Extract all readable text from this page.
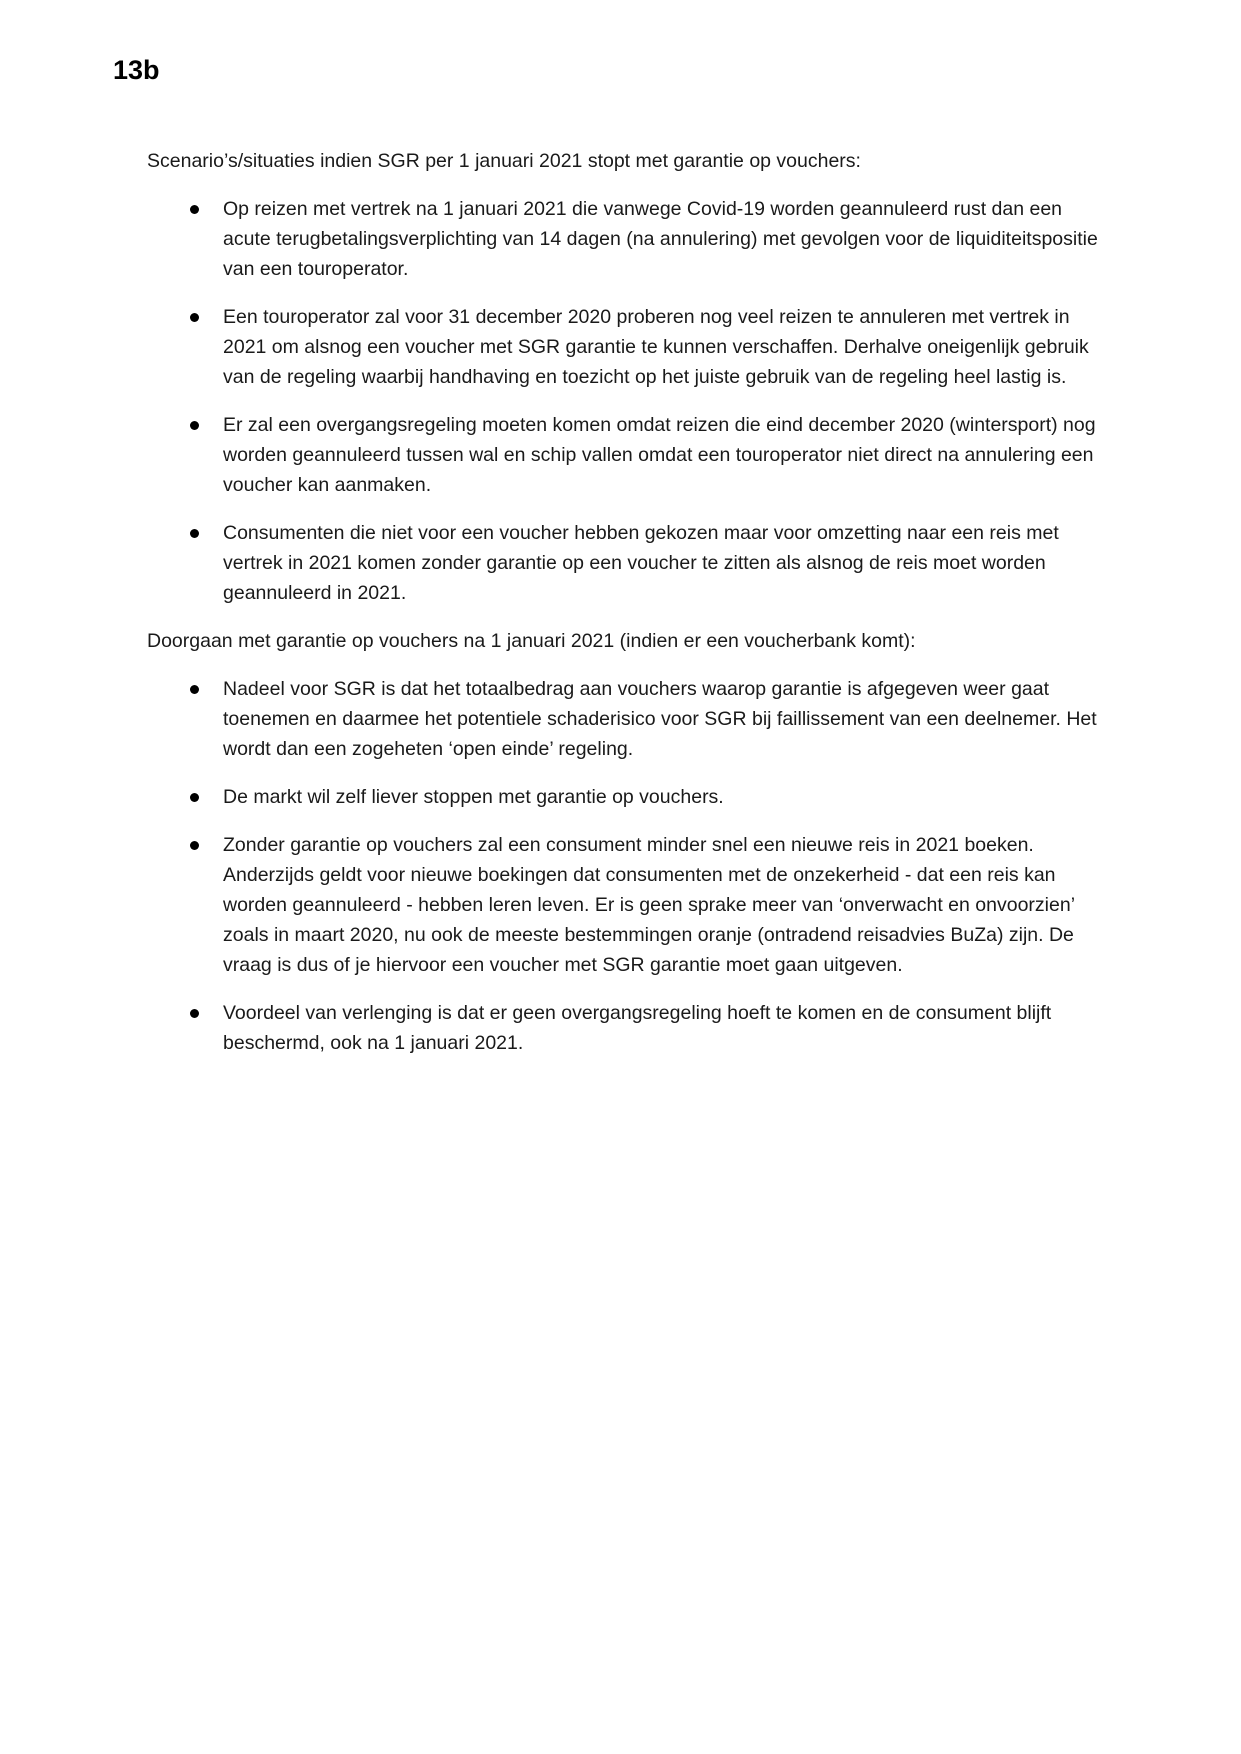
13b

Scenario’s/situaties indien SGR per 1 januari 2021 stopt met garantie op vouchers:

Op reizen met vertrek na 1 januari 2021 die vanwege Covid-19 worden geannuleerd rust dan een acute terugbetalingsverplichting van 14 dagen (na annulering) met gevolgen voor de liquiditeitspositie van een touroperator.
Een touroperator zal voor 31 december 2020 proberen nog veel reizen te annuleren met vertrek in 2021 om alsnog een voucher met SGR garantie te kunnen verschaffen. Derhalve oneigenlijk gebruik van de regeling waarbij handhaving en toezicht op het juiste gebruik van de regeling heel lastig is.
Er zal een overgangsregeling moeten komen omdat reizen die eind december 2020 (wintersport) nog worden geannuleerd tussen wal en schip vallen omdat een touroperator niet direct na annulering een voucher kan aanmaken.
Consumenten die niet voor een voucher hebben gekozen maar voor omzetting naar een reis met vertrek in 2021 komen zonder garantie op een voucher te zitten als alsnog de reis moet worden geannuleerd in 2021.

Doorgaan met garantie op vouchers na 1 januari 2021 (indien er een voucherbank komt):

Nadeel voor SGR is dat het totaalbedrag aan vouchers waarop garantie is afgegeven weer gaat toenemen en daarmee het potentiele schaderisico voor SGR bij faillissement van een deelnemer. Het wordt dan een zogeheten ‘open einde’ regeling.
De markt wil zelf liever stoppen met garantie op vouchers.
Zonder garantie op vouchers zal een consument minder snel een nieuwe reis in 2021 boeken. Anderzijds geldt voor nieuwe boekingen dat consumenten met de onzekerheid - dat een reis kan worden geannuleerd - hebben leren leven. Er is geen sprake meer van ‘onverwacht en onvoorzien’ zoals in maart 2020, nu ook de meeste bestemmingen oranje (ontradend reisadvies BuZa) zijn. De vraag is dus of je hiervoor een voucher met SGR garantie moet gaan uitgeven.
Voordeel van verlenging is dat er geen overgangsregeling hoeft te komen en de consument blijft beschermd, ook na 1 januari 2021.
